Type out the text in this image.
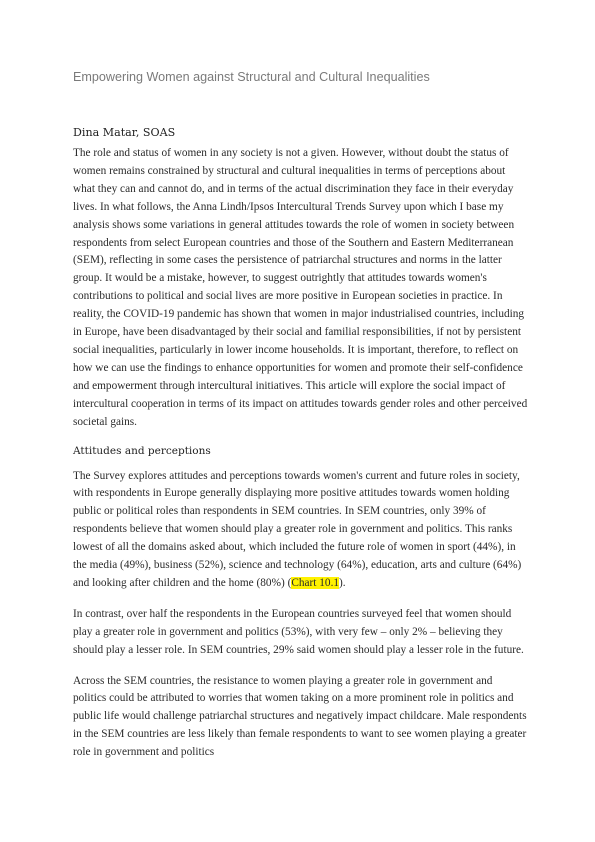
Empowering Women against Structural and Cultural Inequalities
Dina Matar, SOAS

The role and status of women in any society is not a given. However, without doubt the status of women remains constrained by structural and cultural inequalities in terms of perceptions about what they can and cannot do, and in terms of the actual discrimination they face in their everyday lives. In what follows, the Anna Lindh/Ipsos Intercultural Trends Survey upon which I base my analysis shows some variations in general attitudes towards the role of women in society between respondents from select European countries and those of the Southern and Eastern Mediterranean (SEM), reflecting in some cases the persistence of patriarchal structures and norms in the latter group. It would be a mistake, however, to suggest outrightly that attitudes towards women's contributions to political and social lives are more positive in European societies in practice. In reality, the COVID-19 pandemic has shown that women in major industrialised countries, including in Europe, have been disadvantaged by their social and familial responsibilities, if not by persistent social inequalities, particularly in lower income households. It is important, therefore, to reflect on how we can use the findings to enhance opportunities for women and promote their self-confidence and empowerment through intercultural initiatives. This article will explore the social impact of intercultural cooperation in terms of its impact on attitudes towards gender roles and other perceived societal gains.

Attitudes and perceptions

The Survey explores attitudes and perceptions towards women's current and future roles in society, with respondents in Europe generally displaying more positive attitudes towards women holding public or political roles than respondents in SEM countries. In SEM countries, only 39% of respondents believe that women should play a greater role in government and politics. This ranks lowest of all the domains asked about, which included the future role of women in sport (44%), in the media (49%), business (52%), science and technology (64%), education, arts and culture (64%) and looking after children and the home (80%) (Chart 10.1).

In contrast, over half the respondents in the European countries surveyed feel that women should play a greater role in government and politics (53%), with very few – only 2% – believing they should play a lesser role. In SEM countries, 29% said women should play a lesser role in the future.

Across the SEM countries, the resistance to women playing a greater role in government and politics could be attributed to worries that women taking on a more prominent role in politics and public life would challenge patriarchal structures and negatively impact childcare. Male respondents in the SEM countries are less likely than female respondents to want to see women playing a greater role in government and politics
